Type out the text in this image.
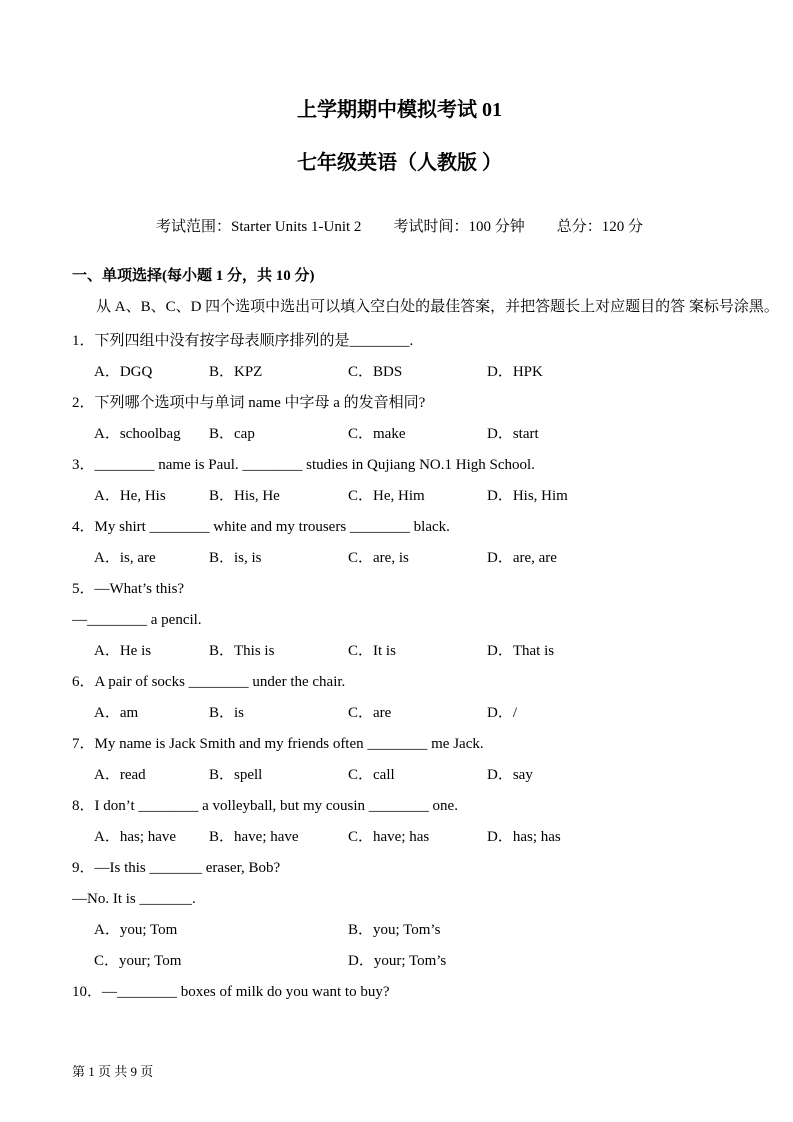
上学期期中模拟考试 01
七年级英语（人教版 ）
考试范围：Starter Units 1-Unit 2 考试时间：100 分钟 总分：120 分
一、单项选择(每小题 1 分，共 10 分)

从 A、B、C、D 四个选项中选出可以填入空白处的最佳答案，并把答题长上对应题目的答 案标号涂黑。

1．下列四组中没有按字母表顺序排列的是________.
A．DGQ	B．KPZ	C．BDS	D．HPK
2．下列哪个选项中与单词 name 中字母 a 的发音相同?
A．schoolbag B．cap	C．make	D．start
3．________ name is Paul. ________ studies in Qujiang NO.1 High School.
A．He, His	B．His, He	C．He, Him	D．His, Him
4．My shirt ________ white and my trousers ________ black.
A．is, are	B．is, is	C．are, is	D．are, are
5．—What’s this?
—________ a pencil.
A．He is	B．This is	C．It is	D．That is
6．A pair of socks ________ under the chair.
A．am	B．is	C．are	D．/
7．My name is Jack Smith and my friends often ________ me Jack.
A．read	B．spell	C．call	D．say
8．I don’t ________ a volleyball, but my cousin ________ one.
A．has; have B．have; have	C．have; has	D．has; has
9．—Is this _______ eraser, Bob?
—No. It is _______.
A．you; Tom	B．you; Tom’s
C．your; Tom	D．your; Tom’s
10．—________ boxes of milk do you want to buy?
第 1 页 共 9 页
